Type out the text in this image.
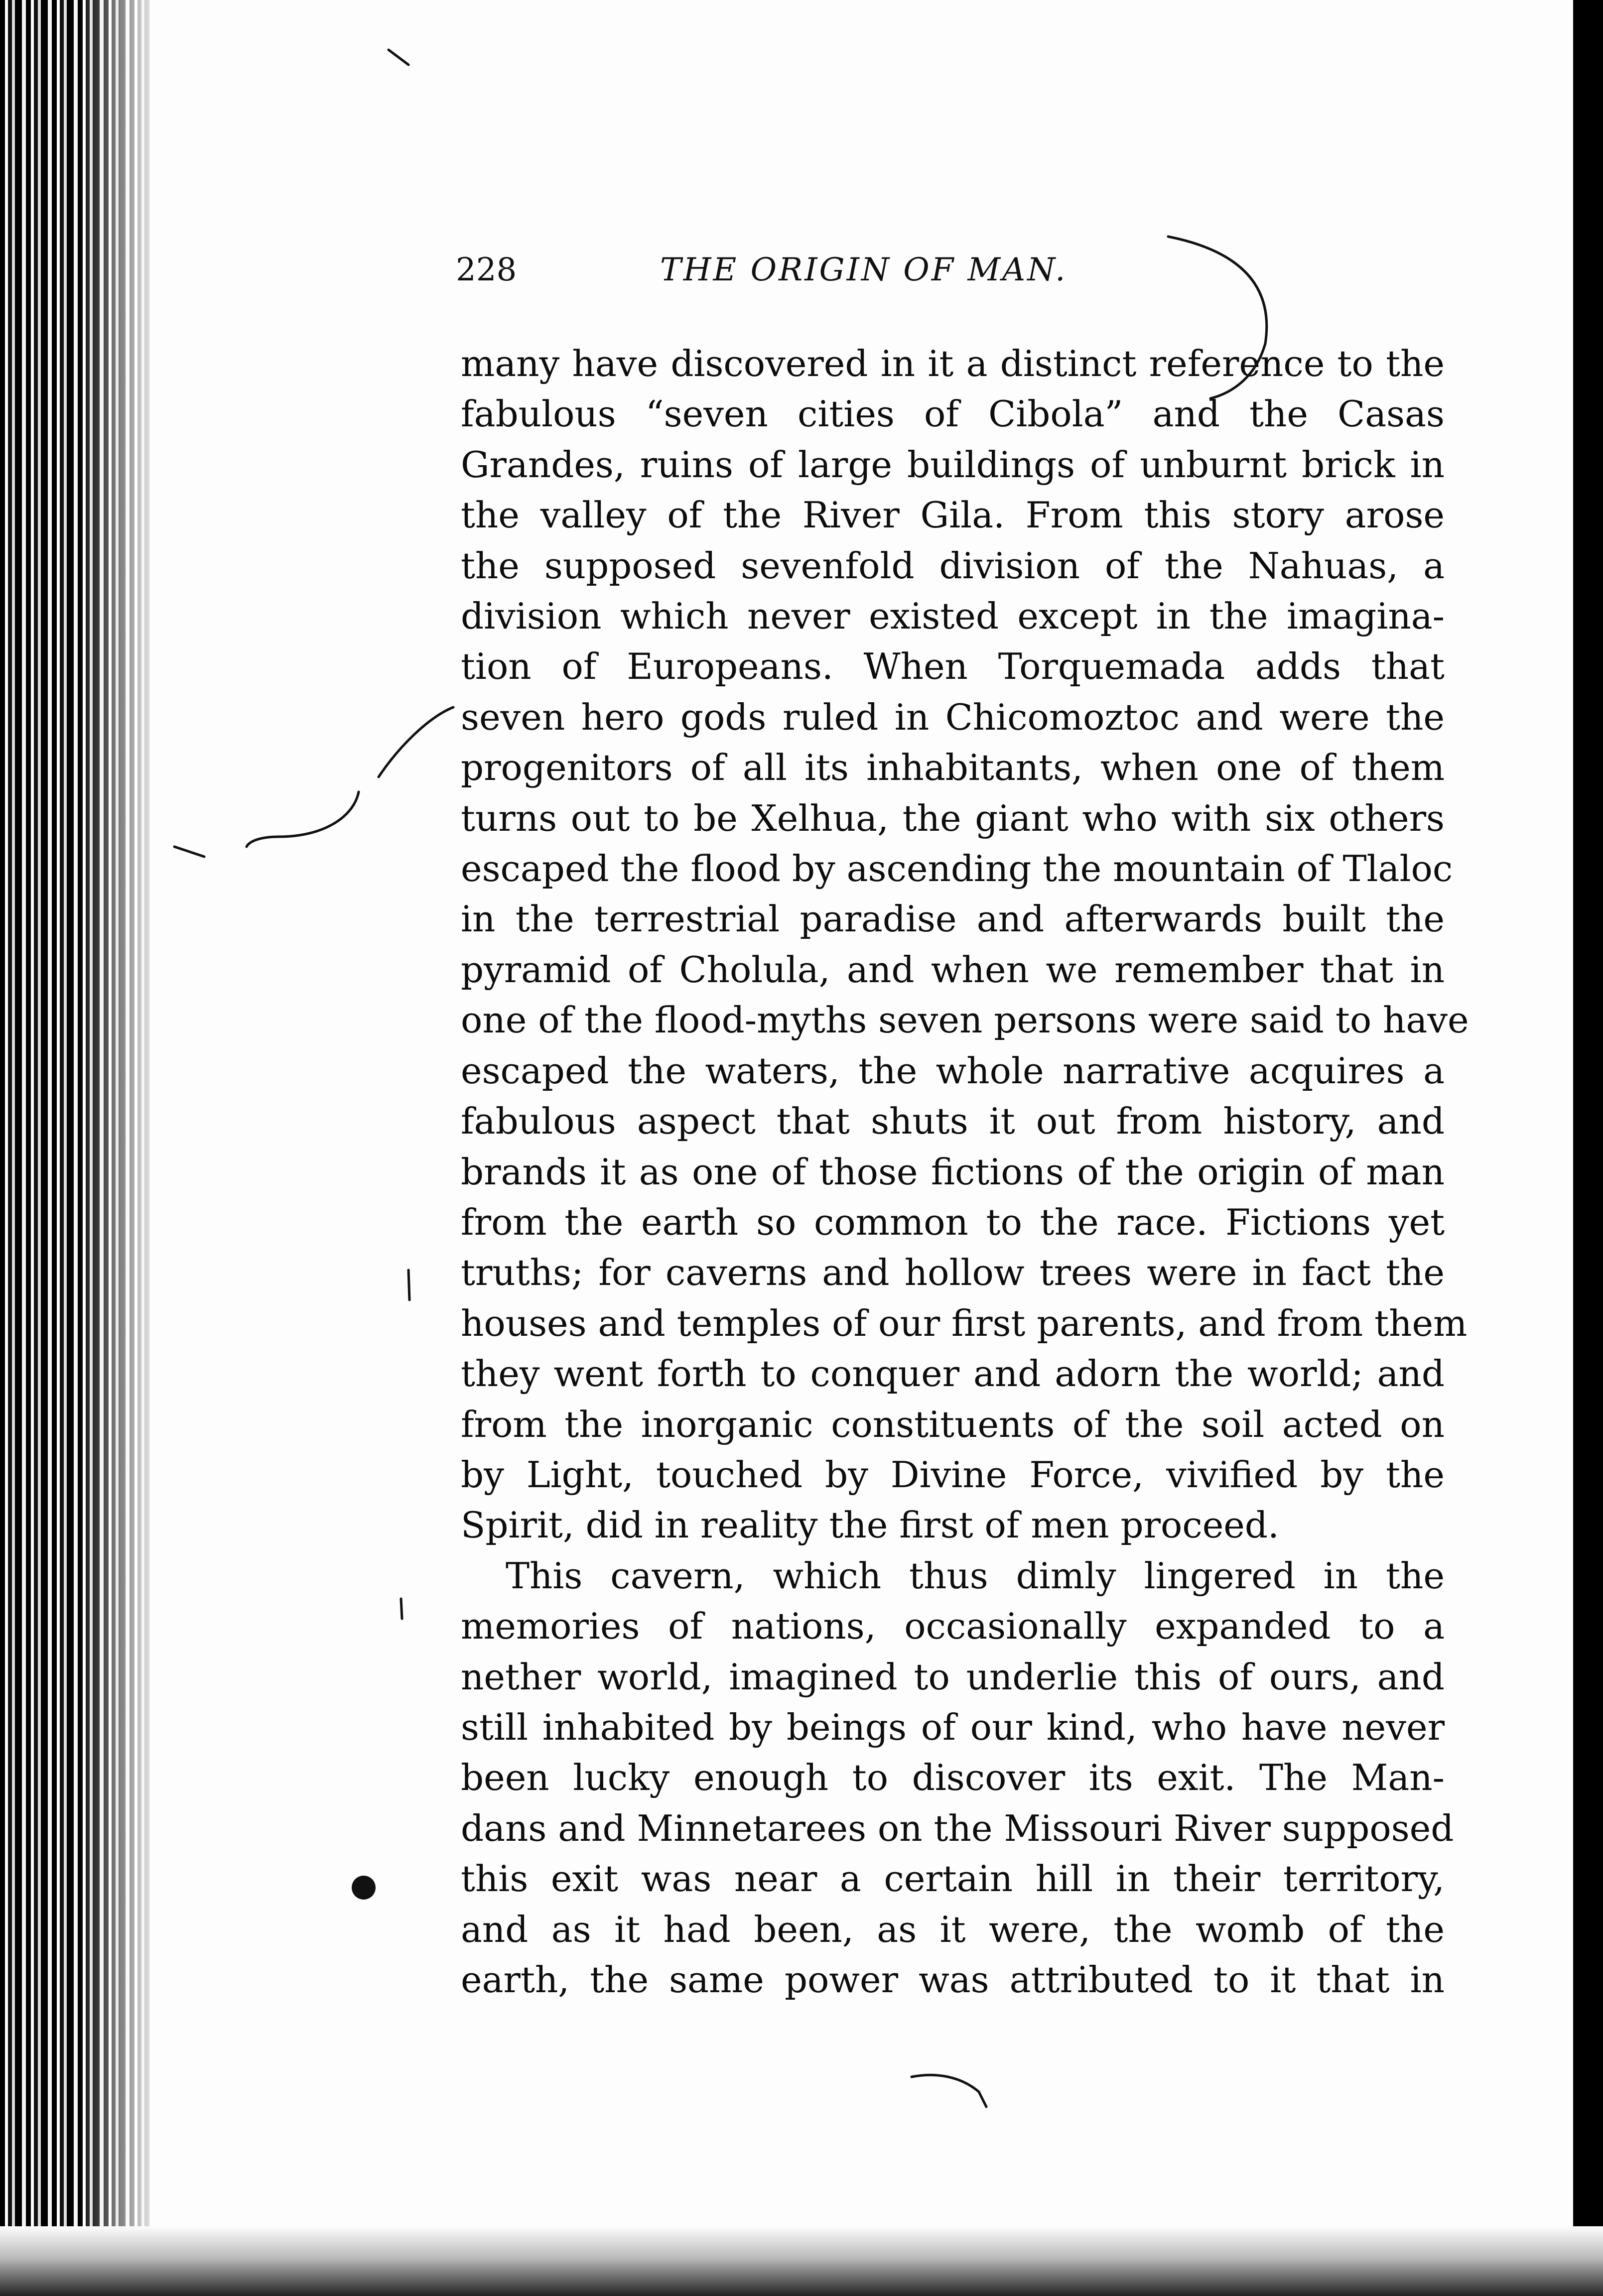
228	THE ORIGIN OF MAN.
many have discovered in it a distinct reference to the
fabulous “seven cities of Cibola” and the Casas
Grandes, ruins of large buildings of unburnt brick in
the valley of the River Gila. From this story arose
the supposed sevenfold division of the Nahuas, a
division which never existed except in the imagina-
tion of Europeans. When Torquemada adds that
seven hero gods ruled in Chicomoztoc and were the
progenitors of all its inhabitants, when one of them
turns out to be Xelhua, the giant who with six others
escaped the flood by ascending the mountain of Tlaloc
in the terrestrial paradise and afterwards built the
pyramid of Cholula, and when we remember that in
one of the flood-myths seven persons were said to have
escaped the waters, the whole narrative acquires a
fabulous aspect that shuts it out from history, and
brands it as one of those fictions of the origin of man
from the earth so common to the race. Fictions yet
truths; for caverns and hollow trees were in fact the
houses and temples of our first parents, and from them
they went forth to conquer and adorn the world; and
from the inorganic constituents of the soil acted on
by Light, touched by Divine Force, vivified by the
Spirit, did in reality the first of men proceed.
This cavern, which thus dimly lingered in the
memories of nations, occasionally expanded to a
nether world, imagined to underlie this of ours, and
still inhabited by beings of our kind, who have never
been lucky enough to discover its exit. The Man-
dans and Minnetarees on the Missouri River supposed
this exit was near a certain hill in their territory,
and as it had been, as it were, the womb of the
earth, the same power was attributed to it that in
